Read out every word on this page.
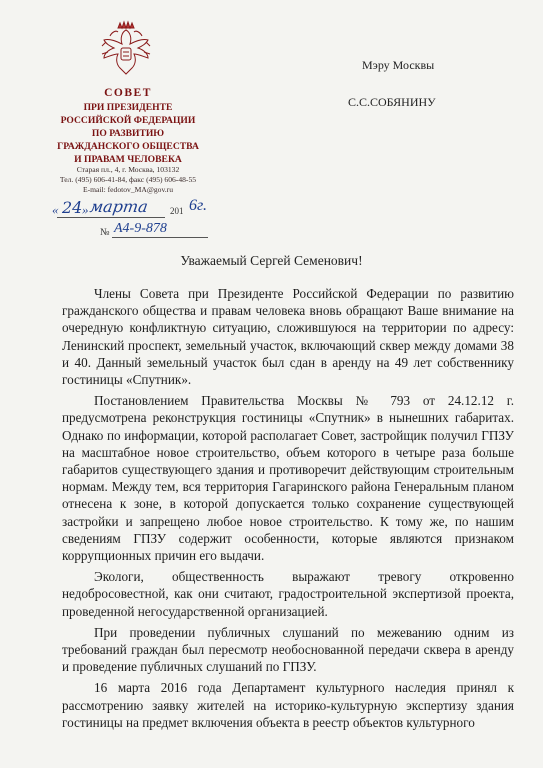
СОВЕТ
ПРИ ПРЕЗИДЕНТЕ
РОССИЙСКОЙ ФЕДЕРАЦИИ
ПО РАЗВИТИЮ
ГРАЖДАНСКОГО ОБЩЕСТВА
И ПРАВАМ ЧЕЛОВЕКА
Старая пл., 4, г. Москва, 103132
Тел. (495) 606-41-84, факс (495) 606-48-55
E-mail: fedotov_MA@gov.ru
« 24 » марта 201 6г.
№ А4-9-878
Мэру Москвы
С.С.СОБЯНИНУ
Уважаемый Сергей Семенович!

Члены Совета при Президенте Российской Федерации по развитию гражданского общества и правам человека вновь обращают Ваше внимание на очередную конфликтную ситуацию, сложившуюся на территории по адресу: Ленинский проспект, земельный участок, включающий сквер между домами 38 и 40. Данный земельный участок был сдан в аренду на 49 лет собственнику гостиницы «Спутник».

Постановлением Правительства Москвы № 793 от 24.12.12 г. предусмотрена реконструкция гостиницы «Спутник» в нынешних габаритах. Однако по информации, которой располагает Совет, застройщик получил ГПЗУ на масштабное новое строительство, объем которого в четыре раза больше габаритов существующего здания и противоречит действующим строительным нормам. Между тем, вся территория Гагаринского района Генеральным планом отнесена к зоне, в которой допускается только сохранение существующей застройки и запрещено любое новое строительство. К тому же, по нашим сведениям ГПЗУ содержит особенности, которые являются признаком коррупционных причин его выдачи.

Экологи, общественность выражают тревогу откровенно недобросовестной, как они считают, градостроительной экспертизой проекта, проведенной негосударственной организацией.

При проведении публичных слушаний по межеванию одним из требований граждан был пересмотр необоснованной передачи сквера в аренду и проведение публичных слушаний по ГПЗУ.

16 марта 2016 года Департамент культурного наследия принял к рассмотрению заявку жителей на историко-культурную экспертизу здания гостиницы на предмет включения объекта в реестр объектов культурного
